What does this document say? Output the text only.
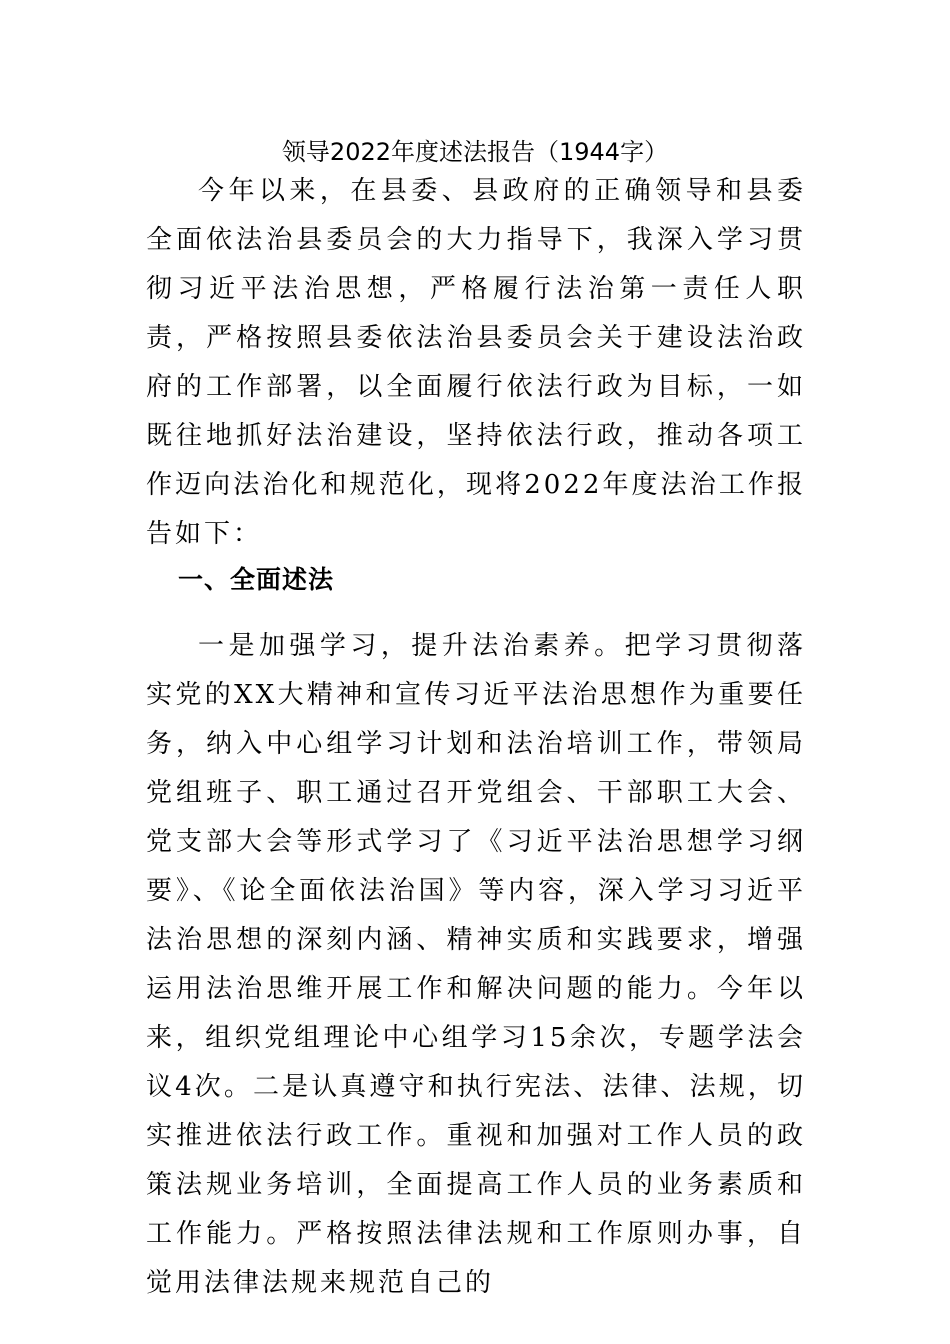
领导2022年度述法报告（1944字）

今年以来，在县委、县政府的正确领导和县委全面依法治县委员会的大力指导下，我深入学习贯彻习近平法治思想，严格履行法治第一责任人职责，严格按照县委依法治县委员会关于建设法治政府的工作部署，以全面履行依法行政为目标，一如既往地抓好法治建设，坚持依法行政，推动各项工作迈向法治化和规范化，现将2022年度法治工作报告如下：

一、全面述法

一是加强学习，提升法治素养。把学习贯彻落实党的XX大精神和宣传习近平法治思想作为重要任务，纳入中心组学习计划和法治培训工作，带领局党组班子、职工通过召开党组会、干部职工大会、党支部大会等形式学习了《习近平法治思想学习纲要》、《论全面依法治国》等内容，深入学习习近平法治思想的深刻内涵、精神实质和实践要求，增强运用法治思维开展工作和解决问题的能力。今年以来，组织党组理论中心组学习15余次，专题学法会议4次。二是认真遵守和执行宪法、法律、法规，切实推进依法行政工作。重视和加强对工作人员的政策法规业务培训，全面提高工作人员的业务素质和工作能力。严格按照法律法规和工作原则办事，自觉用法律法规来规范自己的
